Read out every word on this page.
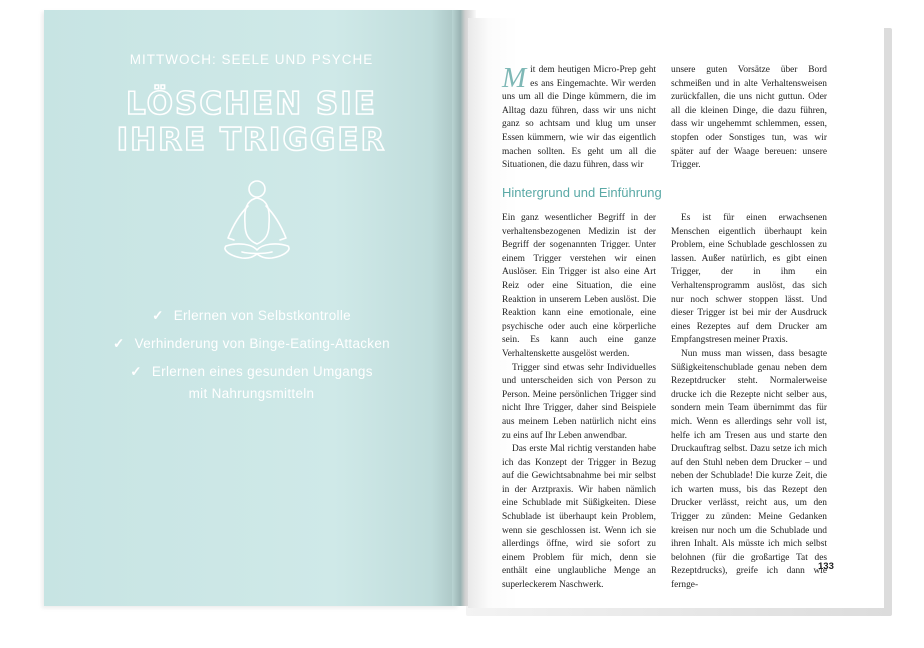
MITTWOCH: SEELE UND PSYCHE
LÖSCHEN SIE
IHRE TRIGGER
✓ Erlernen von Selbstkontrolle
✓ Verhinderung von Binge-Eating-Attacken
✓ Erlernen eines gesunden Umgangs
mit Nahrungsmitteln

Mit dem heutigen Micro-Prep geht es ans Eingemachte. Wir werden uns um all die Dinge kümmern, die im Alltag dazu führen, dass wir uns nicht ganz so achtsam und klug um unser Essen kümmern, wie wir das eigentlich machen sollten. Es geht um all die Situationen, die dazu führen, dass wir

unsere guten Vorsätze über Bord schmeißen und in alte Verhaltensweisen zurückfallen, die uns nicht guttun. Oder all die kleinen Dinge, die dazu führen, dass wir ungehemmt schlemmen, essen, stopfen oder Sonstiges tun, was wir später auf der Waage bereuen: unsere Trigger.

Hintergrund und Einführung

Ein ganz wesentlicher Begriff in der verhaltensbezogenen Medizin ist der Begriff der sogenannten Trigger. Unter einem Trigger verstehen wir einen Auslöser. Ein Trigger ist also eine Art Reiz oder eine Situation, die eine Reaktion in unserem Leben auslöst. Die Reaktion kann eine emotionale, eine psychische oder auch eine körperliche sein. Es kann auch eine ganze Verhaltenskette ausgelöst werden.

Trigger sind etwas sehr Individuelles und unterscheiden sich von Person zu Person. Meine persönlichen Trigger sind nicht Ihre Trigger, daher sind Beispiele aus meinem Leben natürlich nicht eins zu eins auf Ihr Leben anwendbar.

Das erste Mal richtig verstanden habe ich das Konzept der Trigger in Bezug auf die Gewichtsabnahme bei mir selbst in der Arztpraxis. Wir haben nämlich eine Schublade mit Süßigkeiten. Diese Schublade ist überhaupt kein Problem, wenn sie geschlossen ist. Wenn ich sie allerdings öffne, wird sie sofort zu einem Problem für mich, denn sie enthält eine unglaubliche Menge an superleckerem Naschwerk.

Es ist für einen erwachsenen Menschen eigentlich überhaupt kein Problem, eine Schublade geschlossen zu lassen. Außer natürlich, es gibt einen Trigger, der in ihm ein Verhaltensprogramm auslöst, das sich nur noch schwer stoppen lässt. Und dieser Trigger ist bei mir der Ausdruck eines Rezeptes auf dem Drucker am Empfangstresen meiner Praxis.

Nun muss man wissen, dass besagte Süßigkeitenschublade genau neben dem Rezeptdrucker steht. Normalerweise drucke ich die Rezepte nicht selber aus, sondern mein Team übernimmt das für mich. Wenn es allerdings sehr voll ist, helfe ich am Tresen aus und starte den Druckauftrag selbst. Dazu setze ich mich auf den Stuhl neben dem Drucker – und neben der Schublade! Die kurze Zeit, die ich warten muss, bis das Rezept den Drucker verlässt, reicht aus, um den Trigger zu zünden: Meine Gedanken kreisen nur noch um die Schublade und ihren Inhalt. Als müsste ich mich selbst belohnen (für die großartige Tat des Rezeptdrucks), greife ich dann wie fernge-

133
